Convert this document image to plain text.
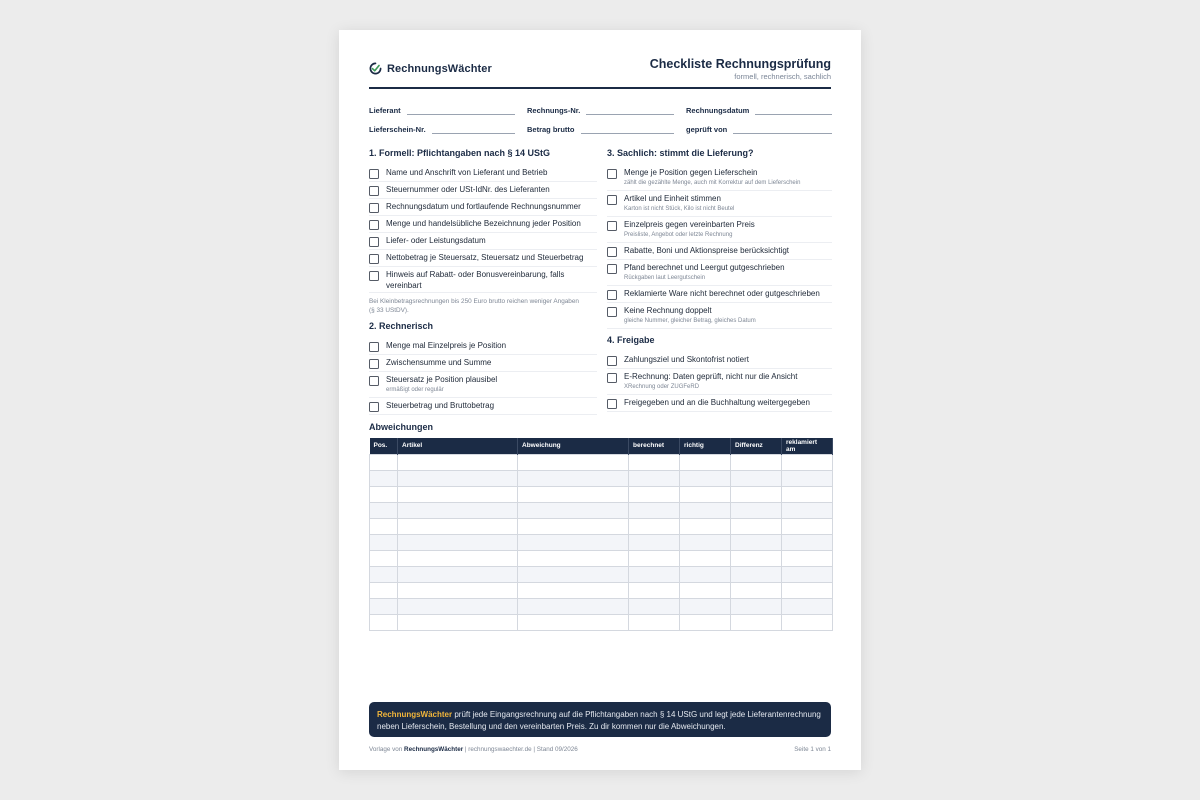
RechnungsWächter	Checkliste Rechnungsprüfung
formell, rechnerisch, sachlich
Lieferant	Rechnungs-Nr.	Rechnungsdatum
Lieferschein-Nr.	Betrag brutto	geprüft von
1. Formell: Pflichtangaben nach § 14 UStG
Name und Anschrift von Lieferant und Betrieb
Steuernummer oder USt-IdNr. des Lieferanten
Rechnungsdatum und fortlaufende Rechnungsnummer
Menge und handelsübliche Bezeichnung jeder Position
Liefer- oder Leistungsdatum
Nettobetrag je Steuersatz, Steuersatz und Steuerbetrag
Hinweis auf Rabatt- oder Bonusvereinbarung, falls vereinbart
Bei Kleinbetragsrechnungen bis 250 Euro brutto reichen weniger Angaben (§ 33 UStDV).
2. Rechnerisch
Menge mal Einzelpreis je Position
Zwischensumme und Summe
Steuersatz je Position plausibel
ermäßigt oder regulär
Steuerbetrag und Bruttobetrag
3. Sachlich: stimmt die Lieferung?
Menge je Position gegen Lieferschein
zählt die gezählte Menge, auch mit Korrektur auf dem Lieferschein
Artikel und Einheit stimmen
Karton ist nicht Stück, Kilo ist nicht Beutel
Einzelpreis gegen vereinbarten Preis
Preisliste, Angebot oder letzte Rechnung
Rabatte, Boni und Aktionspreise berücksichtigt
Pfand berechnet und Leergut gutgeschrieben
Rückgaben laut Leergutschein
Reklamierte Ware nicht berechnet oder gutgeschrieben
Keine Rechnung doppelt
gleiche Nummer, gleicher Betrag, gleiches Datum
4. Freigabe
Zahlungsziel und Skontofrist notiert
E-Rechnung: Daten geprüft, nicht nur die Ansicht
XRechnung oder ZUGFeRD
Freigegeben und an die Buchhaltung weitergegeben
Abweichungen
Pos.	Artikel	Abweichung	berechnet	richtig	Differenz	reklamiert am

RechnungsWächter prüft jede Eingangsrechnung auf die Pflichtangaben nach § 14 UStG und legt jede Lieferantenrechnung neben Lieferschein, Bestellung und den vereinbarten Preis. Zu dir kommen nur die Abweichungen.
Vorlage von RechnungsWächter | rechnungswaechter.de | Stand 09/2026	Seite 1 von 1
